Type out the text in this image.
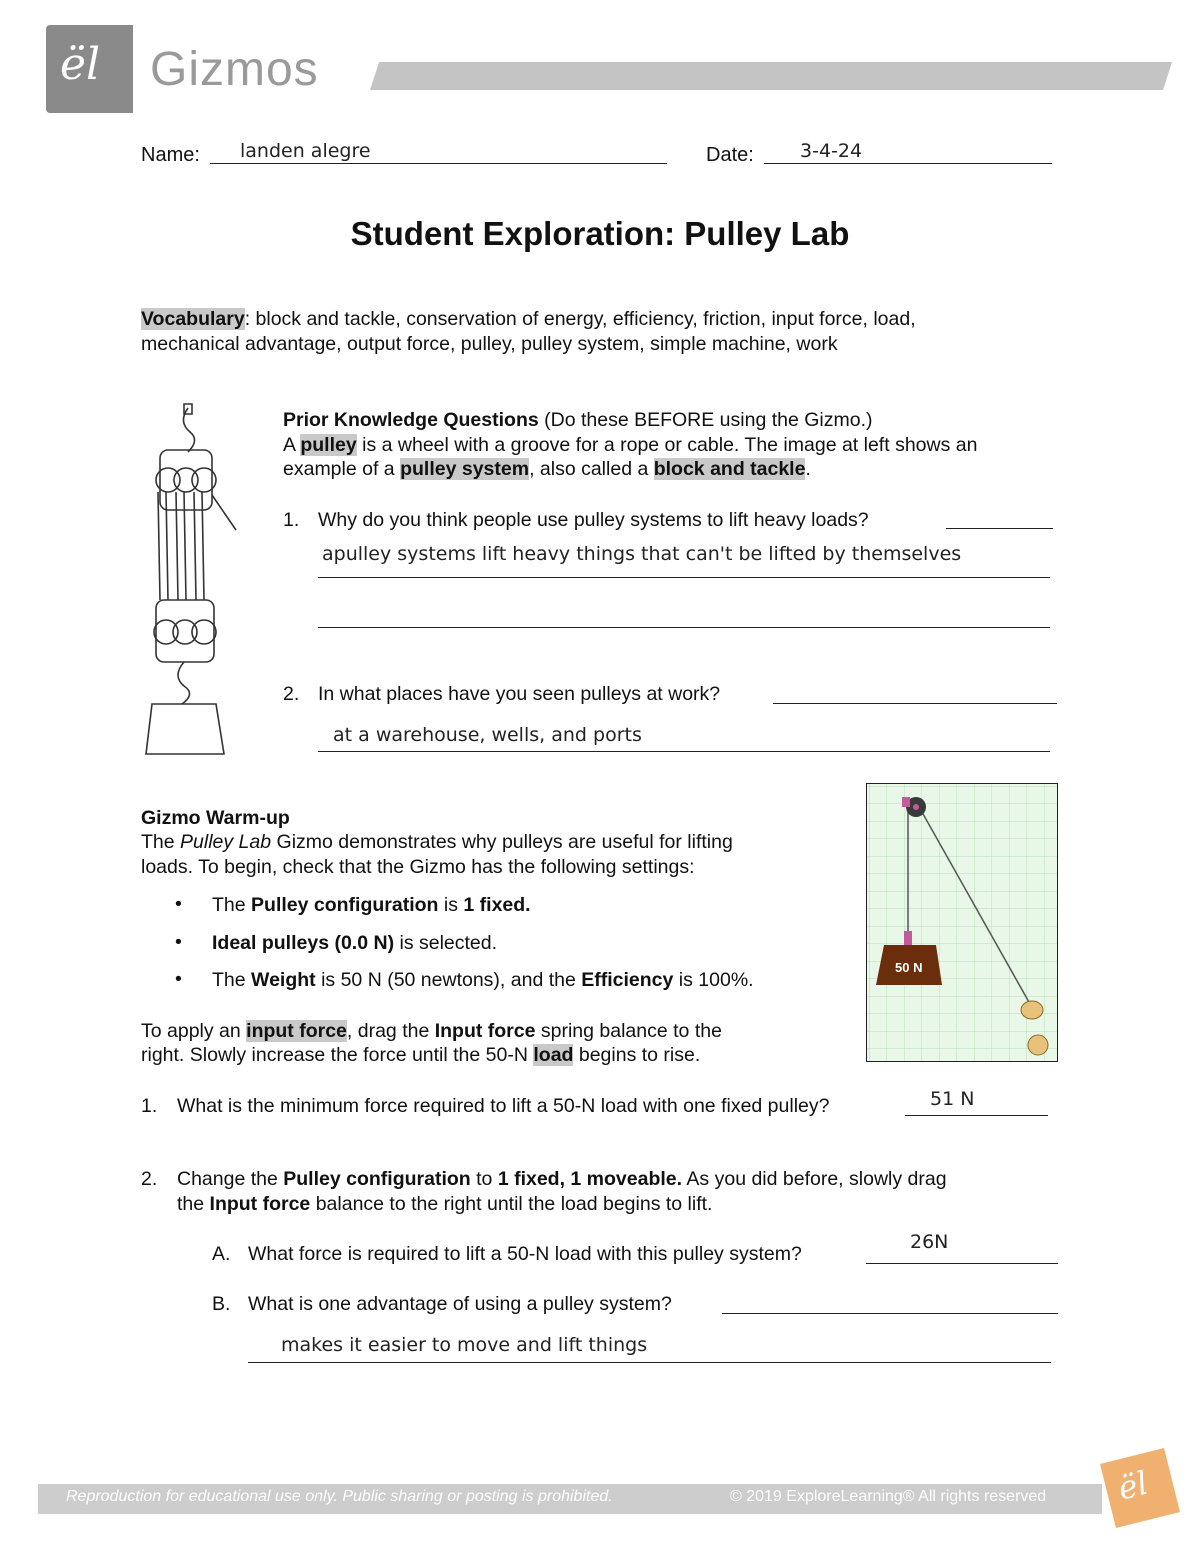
ël Gizmos
Name: landen alegre	Date: 3-4-24
Student Exploration: Pulley Lab
Vocabulary: block and tackle, conservation of energy, efficiency, friction, input force, load,
mechanical advantage, output force, pulley, pulley system, simple machine, work
Prior Knowledge Questions (Do these BEFORE using the Gizmo.)
A pulley is a wheel with a groove for a rope or cable. The image at left shows an
example of a pulley system, also called a block and tackle.
1. Why do you think people use pulley systems to lift heavy loads?
apulley systems lift heavy things that can't be lifted by themselves
2. In what places have you seen pulleys at work?
at a warehouse, wells, and ports
Gizmo Warm-up
The Pulley Lab Gizmo demonstrates why pulleys are useful for lifting
loads. To begin, check that the Gizmo has the following settings:
• The Pulley configuration is 1 fixed.
• Ideal pulleys (0.0 N) is selected.
• The Weight is 50 N (50 newtons), and the Efficiency is 100%.
To apply an input force, drag the Input force spring balance to the
right. Slowly increase the force until the 50-N load begins to rise.
50 N
1. What is the minimum force required to lift a 50-N load with one fixed pulley?	51 N
2. Change the Pulley configuration to 1 fixed, 1 moveable. As you did before, slowly drag
the Input force balance to the right until the load begins to lift.
A. What force is required to lift a 50-N load with this pulley system?
26N
B. What is one advantage of using a pulley system?
makes it easier to move and lift things
Reproduction for educational use only. Public sharing or posting is prohibited.	© 2019 ExploreLearning® All rights reserved ël
